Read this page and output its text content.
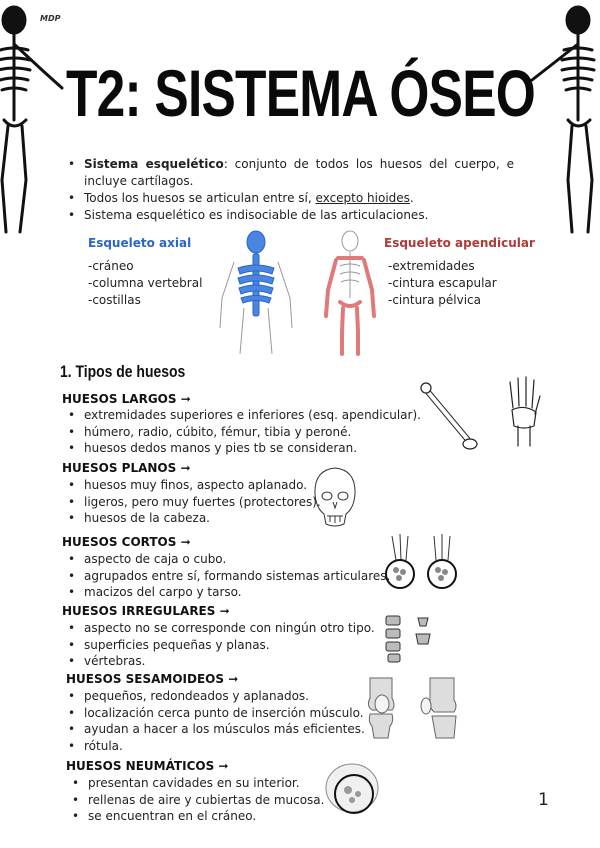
MDP
T2: SISTEMA ÓSEO
• Sistema esquelético: conjunto de todos los huesos del cuerpo, e incluye cartílagos.
• Todos los huesos se articulan entre sí, excepto hioides.
• Sistema esquelético es indisociable de las articulaciones.
Esqueleto axial
-cráneo
-columna vertebral
-costillas
Esqueleto apendicular
-extremidades
-cintura escapular
-cintura pélvica
1. Tipos de huesos
HUESOS LARGOS ➞
• extremidades superiores e inferiores (esq. apendicular).
• húmero, radio, cúbito, fémur, tibia y peroné.
• huesos dedos manos y pies tb se consideran.
HUESOS PLANOS ➞
• huesos muy finos, aspecto aplanado.
• ligeros, pero muy fuertes (protectores).
• huesos de la cabeza.
HUESOS CORTOS ➞
• aspecto de caja o cubo.
• agrupados entre sí, formando sistemas articulares.
• macizos del carpo y tarso.
HUESOS IRREGULARES ➞
• aspecto no se corresponde con ningún otro tipo.
• superficies pequeñas y planas.
• vértebras.
HUESOS SESAMOIDEOS ➞
• pequeños, redondeados y aplanados.
• localización cerca punto de inserción músculo.
• ayudan a hacer a los músculos más eficientes.
• rótula.
HUESOS NEUMÁTICOS ➞
• presentan cavidades en su interior.
• rellenas de aire y cubiertas de mucosa.
• se encuentran en el cráneo.
1
